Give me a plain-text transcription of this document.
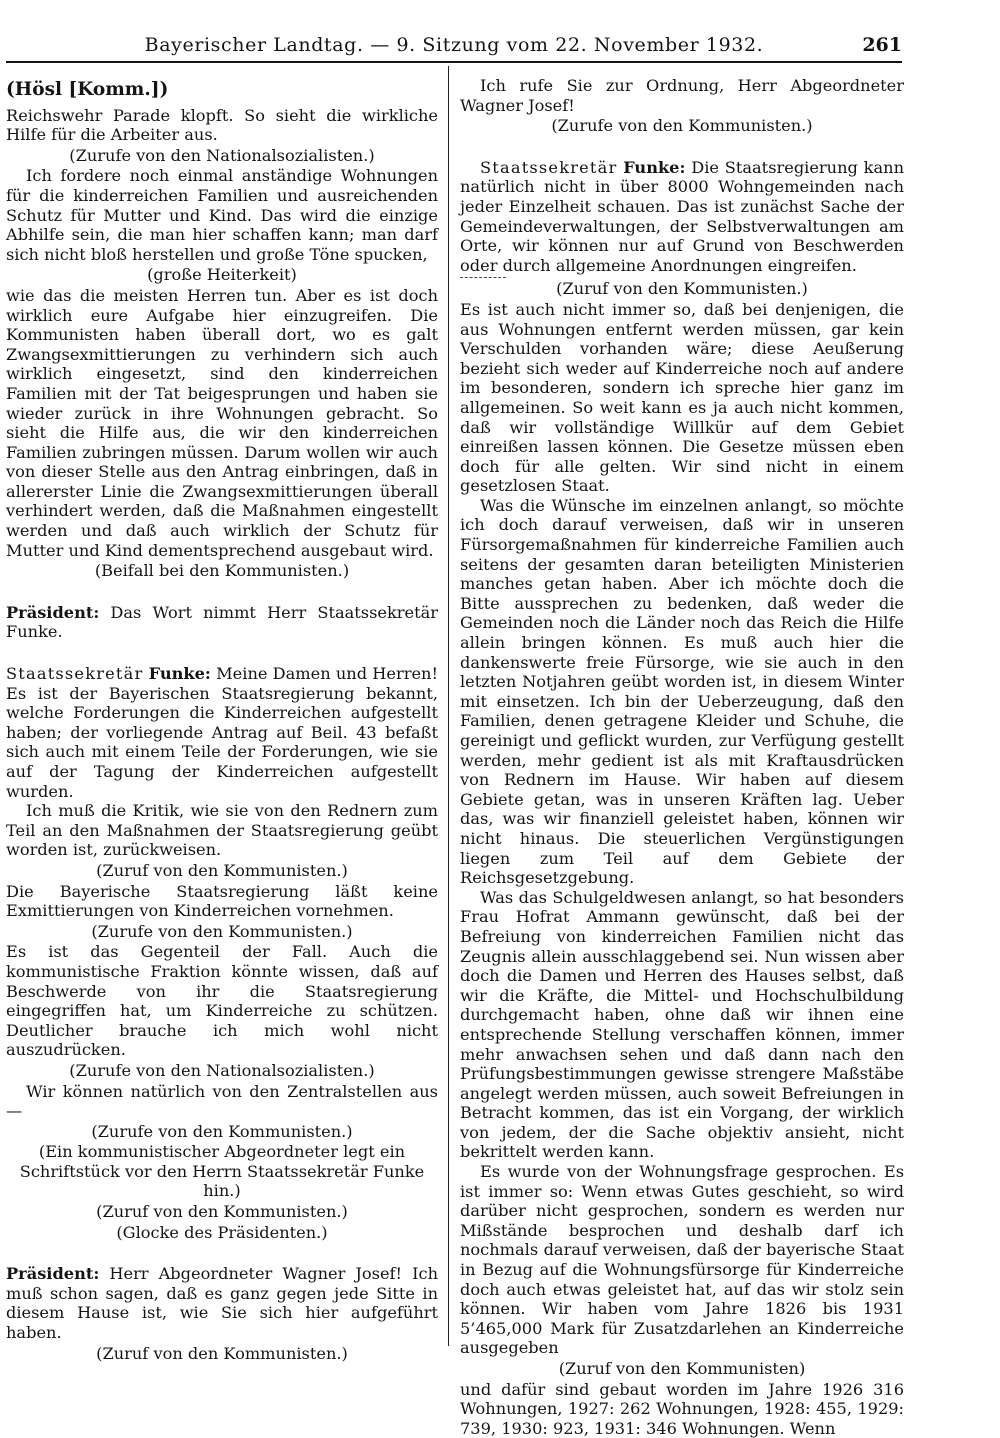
Bayerischer Landtag. — 9. Sitzung vom 22. November 1932.	261
(Hösl [Komm.])

Reichswehr Parade klopft. So sieht die wirkliche Hilfe für die Arbeiter aus.

(Zurufe von den Nationalsozialisten.)

Ich fordere noch einmal anständige Wohnungen für die kinderreichen Familien und ausreichenden Schutz für Mutter und Kind. Das wird die einzige Abhilfe sein, die man hier schaffen kann; man darf sich nicht bloß herstellen und große Töne spucken,

(große Heiterkeit)

wie das die meisten Herren tun. Aber es ist doch wirklich eure Aufgabe hier einzugreifen. Die Kommunisten haben überall dort, wo es galt Zwangsexmittierungen zu verhindern sich auch wirklich eingesetzt, sind den kinderreichen Familien mit der Tat beigesprungen und haben sie wieder zurück in ihre Wohnungen gebracht. So sieht die Hilfe aus, die wir den kinderreichen Familien zubringen müssen. Darum wollen wir auch von dieser Stelle aus den Antrag einbringen, daß in allererster Linie die Zwangsexmittierungen überall verhindert werden, daß die Maßnahmen eingestellt werden und daß auch wirklich der Schutz für Mutter und Kind dementsprechend ausgebaut wird.

(Beifall bei den Kommunisten.)

Präsident: Das Wort nimmt Herr Staatssekretär Funke.

Staatssekretär Funke: Meine Damen und Herren! Es ist der Bayerischen Staatsregierung bekannt, welche Forderungen die Kinderreichen aufgestellt haben; der vorliegende Antrag auf Beil. 43 befaßt sich auch mit einem Teile der Forderungen, wie sie auf der Tagung der Kinderreichen aufgestellt wurden.

Ich muß die Kritik, wie sie von den Rednern zum Teil an den Maßnahmen der Staatsregierung geübt worden ist, zurückweisen.

(Zuruf von den Kommunisten.)

Die Bayerische Staatsregierung läßt keine Exmittierungen von Kinderreichen vornehmen.

(Zurufe von den Kommunisten.)

Es ist das Gegenteil der Fall. Auch die kommunistische Fraktion könnte wissen, daß auf Beschwerde von ihr die Staatsregierung eingegriffen hat, um Kinderreiche zu schützen. Deutlicher brauche ich mich wohl nicht auszudrücken.

(Zurufe von den Nationalsozialisten.)

Wir können natürlich von den Zentralstellen aus —

(Zurufe von den Kommunisten.)

(Ein kommunistischer Abgeordneter legt ein Schriftstück vor den Herrn Staatssekretär Funke hin.)

(Zuruf von den Kommunisten.)

(Glocke des Präsidenten.)

Präsident: Herr Abgeordneter Wagner Josef! Ich muß schon sagen, daß es ganz gegen jede Sitte in diesem Hause ist, wie Sie sich hier aufgeführt haben.

(Zuruf von den Kommunisten.)

Ich rufe Sie zur Ordnung, Herr Abgeordneter Wagner Josef!

(Zurufe von den Kommunisten.)

Staatssekretär Funke: Die Staatsregierung kann natürlich nicht in über 8000 Wohngemeinden nach jeder Einzelheit schauen. Das ist zunächst Sache der Gemeindeverwaltungen, der Selbstverwaltungen am Orte, wir können nur auf Grund von Beschwerden oder durch allgemeine Anordnungen eingreifen.

(Zuruf von den Kommunisten.)

Es ist auch nicht immer so, daß bei denjenigen, die aus Wohnungen entfernt werden müssen, gar kein Verschulden vorhanden wäre; diese Aeußerung bezieht sich weder auf Kinderreiche noch auf andere im besonderen, sondern ich spreche hier ganz im allgemeinen. So weit kann es ja auch nicht kommen, daß wir vollständige Willkür auf dem Gebiet einreißen lassen können. Die Gesetze müssen eben doch für alle gelten. Wir sind nicht in einem gesetzlosen Staat.

Was die Wünsche im einzelnen anlangt, so möchte ich doch darauf verweisen, daß wir in unseren Fürsorgemaßnahmen für kinderreiche Familien auch seitens der gesamten daran beteiligten Ministerien manches getan haben. Aber ich möchte doch die Bitte aussprechen zu bedenken, daß weder die Gemeinden noch die Länder noch das Reich die Hilfe allein bringen können. Es muß auch hier die dankenswerte freie Fürsorge, wie sie auch in den letzten Notjahren geübt worden ist, in diesem Winter mit einsetzen. Ich bin der Ueberzeugung, daß den Familien, denen getragene Kleider und Schuhe, die gereinigt und geflickt wurden, zur Verfügung gestellt werden, mehr gedient ist als mit Kraftausdrücken von Rednern im Hause. Wir haben auf diesem Gebiete getan, was in unseren Kräften lag. Ueber das, was wir finanziell geleistet haben, können wir nicht hinaus. Die steuerlichen Vergünstigungen liegen zum Teil auf dem Gebiete der Reichsgesetzgebung.

Was das Schulgeldwesen anlangt, so hat besonders Frau Hofrat Ammann gewünscht, daß bei der Befreiung von kinderreichen Familien nicht das Zeugnis allein ausschlaggebend sei. Nun wissen aber doch die Damen und Herren des Hauses selbst, daß wir die Kräfte, die Mittel- und Hochschulbildung durchgemacht haben, ohne daß wir ihnen eine entsprechende Stellung verschaffen können, immer mehr anwachsen sehen und daß dann nach den Prüfungsbestimmungen gewisse strengere Maßstäbe angelegt werden müssen, auch soweit Befreiungen in Betracht kommen, das ist ein Vorgang, der wirklich von jedem, der die Sache objektiv ansieht, nicht bekrittelt werden kann.

Es wurde von der Wohnungsfrage gesprochen. Es ist immer so: Wenn etwas Gutes geschieht, so wird darüber nicht gesprochen, sondern es werden nur Mißstände besprochen und deshalb darf ich nochmals darauf verweisen, daß der bayerische Staat in Bezug auf die Wohnungsfürsorge für Kinderreiche doch auch etwas geleistet hat, auf das wir stolz sein können. Wir haben vom Jahre 1826 bis 1931 5’465,000 Mark für Zusatzdarlehen an Kinderreiche ausgegeben

(Zuruf von den Kommunisten)

und dafür sind gebaut worden im Jahre 1926 316 Wohnungen, 1927: 262 Wohnungen, 1928: 455, 1929: 739, 1930: 923, 1931: 346 Wohnungen. Wenn
